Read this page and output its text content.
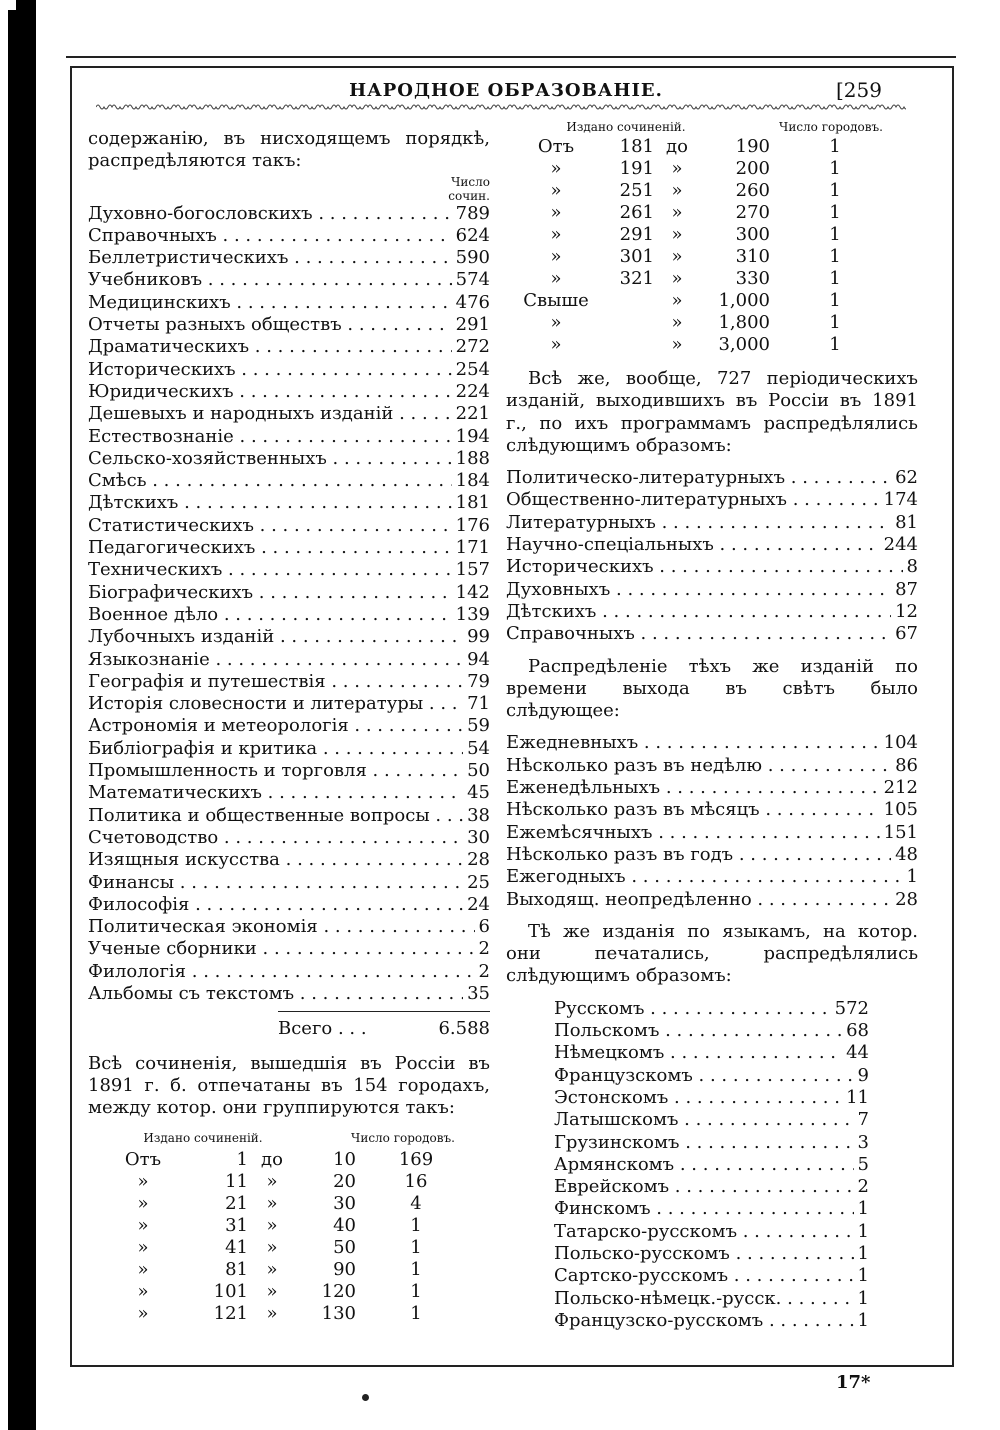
НАРОДНОЕ ОБРАЗОВАНІЕ.	[259

содержанію, въ нисходящемъ порядкѣ, распредѣляются такъ:

Число
сочин.
Духовно-богословскихъ . . .	789
Справочныхъ . . .	624
Беллетристическихъ . . .	590
Учебниковъ . . .	574
Медицинскихъ . . .	476
Отчеты разныхъ обществъ . . .	291
Драматическихъ . . .	272
Историческихъ . . .	254
Юридическихъ . . .	224
Дешевыхъ и народныхъ изданій . . .	221
Естествознаніе . . .	194
Сельско-хозяйственныхъ . . .	188
Смѣсь . . .	184
Дѣтскихъ . . .	181
Статистическихъ . . .	176
Педагогическихъ . . .	171
Техническихъ . . .	157
Біографическихъ . . .	142
Военное дѣло . . .	139
Лубочныхъ изданій . . .	99
Языкознаніе . . .	94
Географія и путешествія . . .	79
Исторія словесности и литературы . . .	71
Астрономія и метеорологія . . .	59
Библіографія и критика . . .	54
Промышленность и торговля . . .	50
Математическихъ . . .	45
Политика и общественные вопросы . . .	38
Счетоводство . . .	30
Изящныя искусства . . .	28
Финансы . . .	25
Философія . . .	24
Политическая экономія . . .	6
Ученые сборники . . .	2
Филологія . . .	2
Альбомы съ текстомъ . . .	35
Всего . . .	6.588

Всѣ сочиненія, вышедшія въ Россіи въ 1891 г. б. отпечатаны въ 154 городахъ, между котор. они группируются такъ:

Издано сочиненій.	Число городовъ.
Отъ	1 до	10	169
»	11	»	20	16
»	21	»	30	4
»	31	»	40	1
»	41	»	50	1
»	81	»	90	1
»	101	»	120	1
»	121	»	130	1
Издано сочиненій.	Число городовъ.
Отъ	181 до	190	1
»	191 »	200	1
»	251 »	260	1
»	261 »	270	1
»	291 »	300	1
»	301 »	310	1
»	321 »	330	1
Свыше	»	1,000	1
»	»	1,800	1
»	»	3,000	1

Всѣ же, вообще, 727 періодическихъ изданій, выходившихъ въ Россіи въ 1891 г., по ихъ программамъ распредѣлялись слѣдующимъ образомъ:

Политическо-литературныхъ . . .	62
Общественно-литературныхъ . . .	174
Литературныхъ . . .	81
Научно-спеціальныхъ . . .	244
Историческихъ . . .	8
Духовныхъ . . .	87
Дѣтскихъ . . .	12
Справочныхъ . . .	67

Распредѣленіе тѣхъ же изданій по времени выхода въ свѣтъ было слѣдующее:

Ежедневныхъ . . .	104
Нѣсколько разъ въ недѣлю . . .	86
Еженедѣльныхъ . . .	212
Нѣсколько разъ въ мѣсяцъ . . .	105
Ежемѣсячныхъ . . .	151
Нѣсколько разъ въ годъ . . .	48
Ежегодныхъ . . .	1
Выходящ. неопредѣленно . . .	28

Тѣ же изданія по языкамъ, на котор. они печатались, распредѣлялись слѣдующимъ образомъ:

Русскомъ . . .	572
Польскомъ . . .	68
Нѣмецкомъ . . .	44
Французскомъ . . .	9
Эстонскомъ . . .	11
Латышскомъ . . .	7
Грузинскомъ . . .	3
Армянскомъ . . .	5
Еврейскомъ . . .	2
Финскомъ . . .	1
Татарско-русскомъ . . .	1
Польско-русскомъ . . .	1
Сартско-русскомъ . . .	1
Польско-нѣмецк.-русск. . . .	1
Французско-русскомъ . . .	1
17*
